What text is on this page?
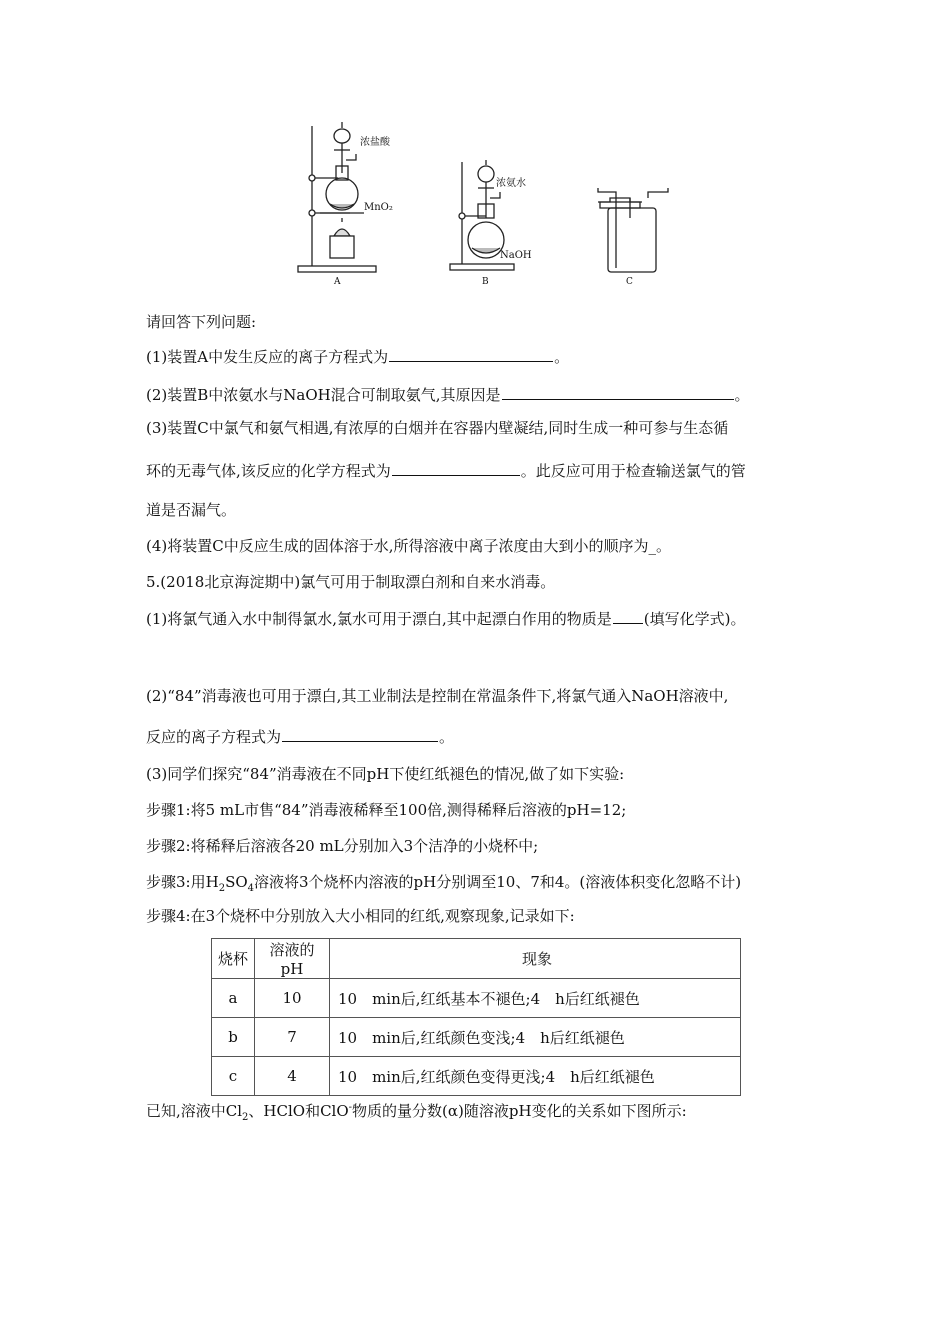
浓盐酸
MnO₂
浓氨水
NaOH
A	B	C
请回答下列问题:
(1)装置A中发生反应的离子方程式为	。
(2)装置B中浓氨水与NaOH混合可制取氨气,其原因是	。
(3)装置C中氯气和氨气相遇,有浓厚的白烟并在容器内壁凝结,同时生成一种可参与生态循
环的无毒气体,该反应的化学方程式为	。此反应可用于检查输送氯气的管
道是否漏气。
(4)将装置C中反应生成的固体溶于水,所得溶液中离子浓度由大到小的顺序为_。
5.(2018北京海淀期中)氯气可用于制取漂白剂和自来水消毒。
(1)将氯气通入水中制得氯水,氯水可用于漂白,其中起漂白作用的物质是 (填写化学式)。
(2)“84”消毒液也可用于漂白,其工业制法是控制在常温条件下,将氯气通入NaOH溶液中,
反应的离子方程式为	。
(3)同学们探究“84”消毒液在不同pH下使红纸褪色的情况,做了如下实验:
步骤1:将5 mL市售“84”消毒液稀释至100倍,测得稀释后溶液的pH=12;
步骤2:将稀释后溶液各20 mL分别加入3个洁净的小烧杯中;
步骤3:用$H_2SO_4$溶液将3个烧杯内溶液的pH分别调至10、7和4。(溶液体积变化忽略不计)
步骤4:在3个烧杯中分别放入大小相同的红纸,观察现象,记录如下:
烧杯	溶液的pH	现象
a	10	10　min后,红纸基本不褪色;4　h后红纸褪色
b	7	10　min后,红纸颜色变浅;4　h后红纸褪色
c	4	10　min后,红纸颜色变得更浅;4　h后红纸褪色
已知,溶液中$Cl_2$、HClO和ClO-物质的量分数(α)随溶液pH变化的关系如下图所示:
